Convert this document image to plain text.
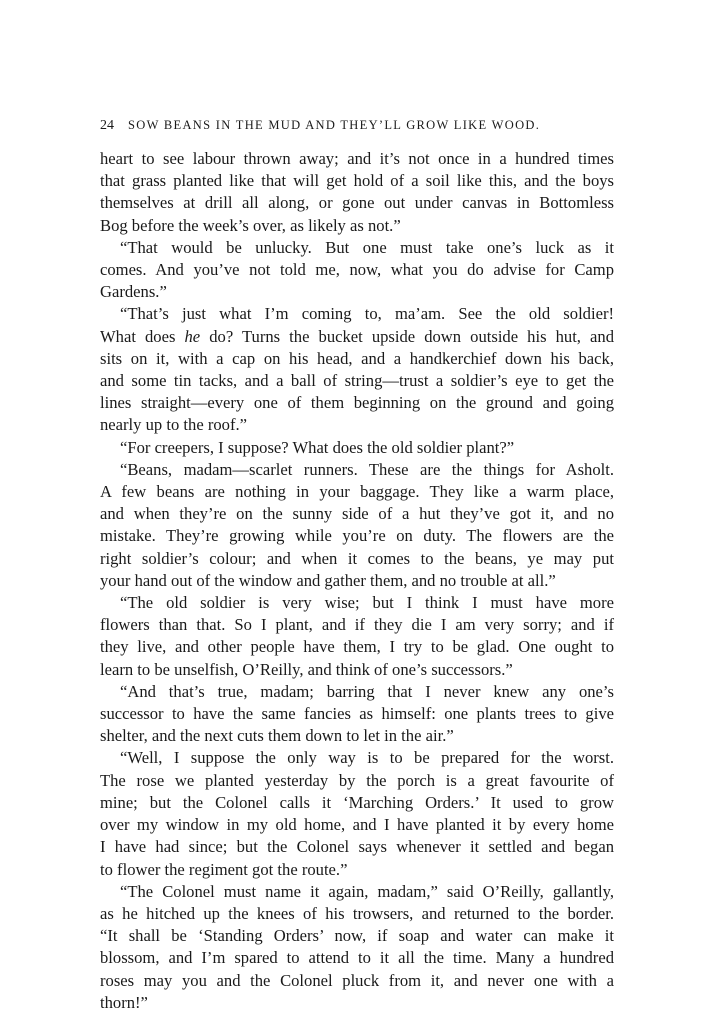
24 SOW BEANS IN THE MUD AND THEY’LL GROW LIKE WOOD.

heart to see labour thrown away; and it’s not once in a hundred times

that grass planted like that will get hold of a soil like this, and the boys

themselves at drill all along, or gone out under canvas in Bottomless

Bog before the week’s over, as likely as not.”

“That would be unlucky. But one must take one’s luck as it

comes. And you’ve not told me, now, what you do advise for Camp

Gardens.”

“That’s just what I’m coming to, ma’am. See the old soldier!

What does he do? Turns the bucket upside down outside his hut, and

sits on it, with a cap on his head, and a handkerchief down his back,

and some tin tacks, and a ball of string—trust a soldier’s eye to get the

lines straight—every one of them beginning on the ground and going

nearly up to the roof.”

“For creepers, I suppose? What does the old soldier plant?”

“Beans, madam—scarlet runners. These are the things for Asholt.

A few beans are nothing in your baggage. They like a warm place,

and when they’re on the sunny side of a hut they’ve got it, and no

mistake. They’re growing while you’re on duty. The flowers are the

right soldier’s colour; and when it comes to the beans, ye may put

your hand out of the window and gather them, and no trouble at all.”

“The old soldier is very wise; but I think I must have more

flowers than that. So I plant, and if they die I am very sorry; and if

they live, and other people have them, I try to be glad. One ought to

learn to be unselfish, O’Reilly, and think of one’s successors.”

“And that’s true, madam; barring that I never knew any one’s

successor to have the same fancies as himself: one plants trees to give

shelter, and the next cuts them down to let in the air.”

“Well, I suppose the only way is to be prepared for the worst.

The rose we planted yesterday by the porch is a great favourite of

mine; but the Colonel calls it ‘Marching Orders.’ It used to grow

over my window in my old home, and I have planted it by every home

I have had since; but the Colonel says whenever it settled and began

to flower the regiment got the route.”

“The Colonel must name it again, madam,” said O’Reilly, gallantly,

as he hitched up the knees of his trowsers, and returned to the border.

“It shall be ‘Standing Orders’ now, if soap and water can make it

blossom, and I’m spared to attend to it all the time. Many a hundred

roses may you and the Colonel pluck from it, and never one with a

thorn!”
